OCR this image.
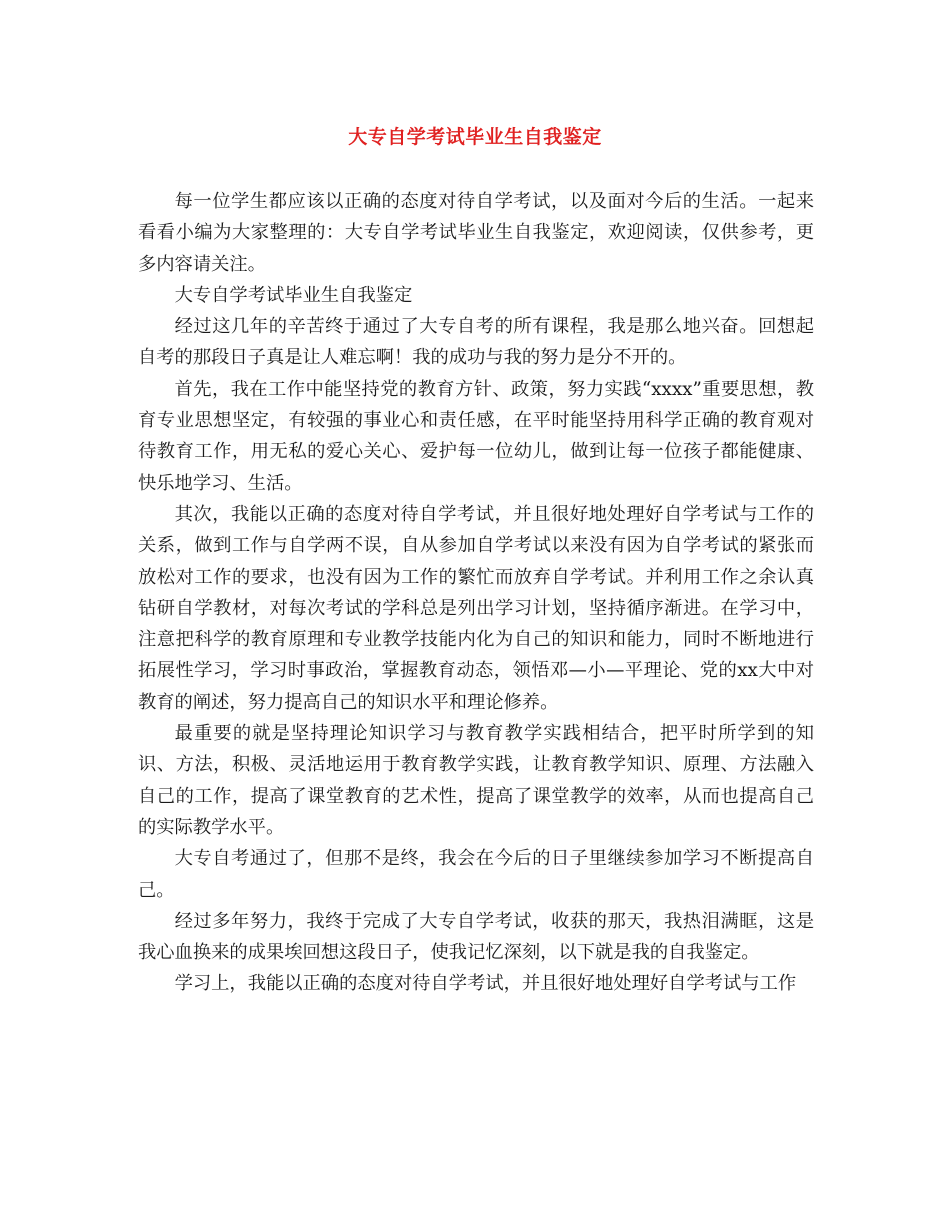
大专自学考试毕业生自我鉴定

每一位学生都应该以正确的态度对待自学考试，以及面对今后的生活。一起来看看小编为大家整理的：大专自学考试毕业生自我鉴定，欢迎阅读，仅供参考，更多内容请关注。

大专自学考试毕业生自我鉴定

经过这几年的辛苦终于通过了大专自考的所有课程，我是那么地兴奋。回想起自考的那段日子真是让人难忘啊！我的成功与我的努力是分不开的。

首先，我在工作中能坚持党的教育方针、政策，努力实践“xxxx”重要思想，教育专业思想坚定，有较强的事业心和责任感，在平时能坚持用科学正确的教育观对待教育工作，用无私的爱心关心、爱护每一位幼儿，做到让每一位孩子都能健康、快乐地学习、生活。

其次，我能以正确的态度对待自学考试，并且很好地处理好自学考试与工作的关系，做到工作与自学两不误，自从参加自学考试以来没有因为自学考试的紧张而放松对工作的要求，也没有因为工作的繁忙而放弃自学考试。并利用工作之余认真钻研自学教材，对每次考试的学科总是列出学习计划，坚持循序渐进。在学习中，注意把科学的教育原理和专业教学技能内化为自己的知识和能力，同时不断地进行拓展性学习，学习时事政治，掌握教育动态，领悟邓—小—平理论、党的xx大中对教育的阐述，努力提高自己的知识水平和理论修养。

最重要的就是坚持理论知识学习与教育教学实践相结合，把平时所学到的知识、方法，积极、灵活地运用于教育教学实践，让教育教学知识、原理、方法融入自己的工作，提高了课堂教育的艺术性，提高了课堂教学的效率，从而也提高自己的实际教学水平。

大专自考通过了，但那不是终，我会在今后的日子里继续参加学习不断提高自己。

经过多年努力，我终于完成了大专自学考试，收获的那天，我热泪满眶，这是我心血换来的成果埃回想这段日子，使我记忆深刻，以下就是我的自我鉴定。

学习上，我能以正确的态度对待自学考试，并且很好地处理好自学考试与工作
